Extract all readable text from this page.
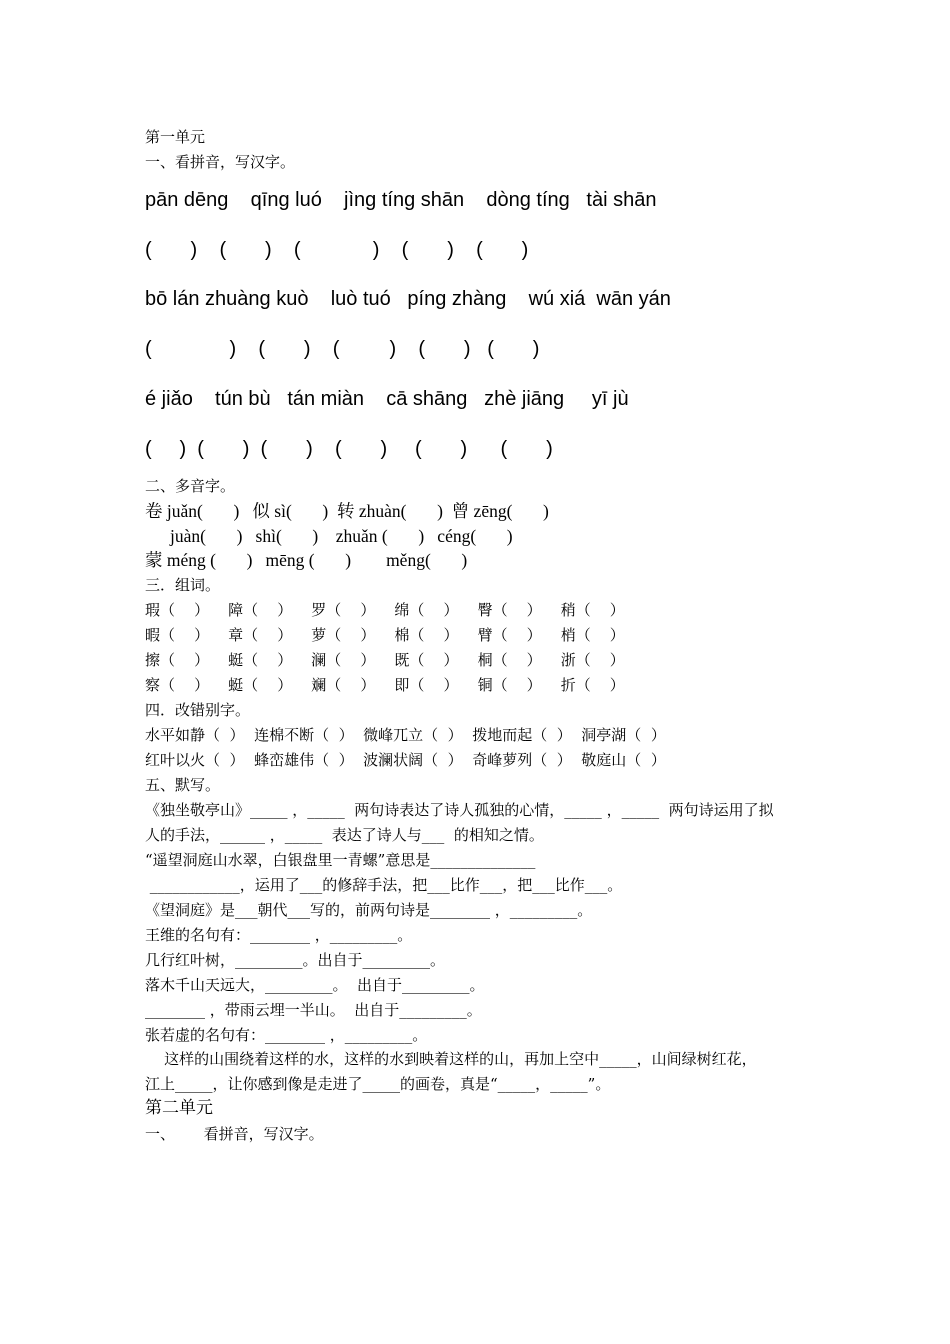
第一单元
一、看拼音，写汉字。
pān dēng    qīng luó    jìng tíng shān    dòng tíng   tài shān
(       )    (       )    (             )    (       )    (       )
bō lán zhuàng kuò    luò tuó   píng zhàng    wú xiá  wān yán
(              )    (       )    (         )    (       )   (       )
é jiǎo    tún bù   tán miàn    cā shāng   zhè jiāng     yī jù
(     )  (       )  (       )    (       )     (       )      (       )
二、多音字。
卷 juǎn(       )   似 sì(       )  转 zhuàn(       )  曾 zēng(       )
juàn(       )   shì(       )    zhuǎn (       )   céng(       )
蒙 méng (       )   mēng (       )        měng(       )
三．组词。
瑕（    ）    障（    ）    罗（    ）    绵（    ）    臀（    ）    稍（    ）
暇（    ）    章（    ）    萝（    ）    棉（    ）    臂（    ）    梢（    ）
擦（    ）    蜓（    ）    澜（    ）    既（    ）    桐（    ）    浙（    ）
察（    ）    蜓（    ）    斓（    ）    即（    ）    铜（    ）    折（    ）
四．改错别字。
水平如静（  ）  连棉不断（  ）  微峰兀立（  ）  拨地而起（  ）  洞亭湖（  ）
红叶以火（  ）  蜂峦雄伟（  ）  波澜状阔（  ）  奇峰萝列（  ）  敬庭山（  ）
五、默写。
《独坐敬亭山》_____ ，_____  两句诗表达了诗人孤独的心情，_____ ，_____  两句诗运用了拟
人的手法，______ ，_____  表达了诗人与___  的相知之情。
“遥望洞庭山水翠，白银盘里一青螺”意思是______________
____________，运用了___的修辞手法，把___比作___，把___比作___。
《望洞庭》是___朝代___写的，前两句诗是________ ，_________。
王维的名句有：________ ，_________。
几行红叶树，_________。出自于_________。
落木千山天远大，_________。  出自于_________。
________ ，带雨云埋一半山。  出自于_________。
张若虚的名句有：________ ，_________。
这样的山围绕着这样的水，这样的水到映着这样的山，再加上空中_____，山间绿树红花，
江上_____，让你感到像是走进了_____的画卷，真是“_____，_____”。
第二单元
一、      看拼音，写汉字。
